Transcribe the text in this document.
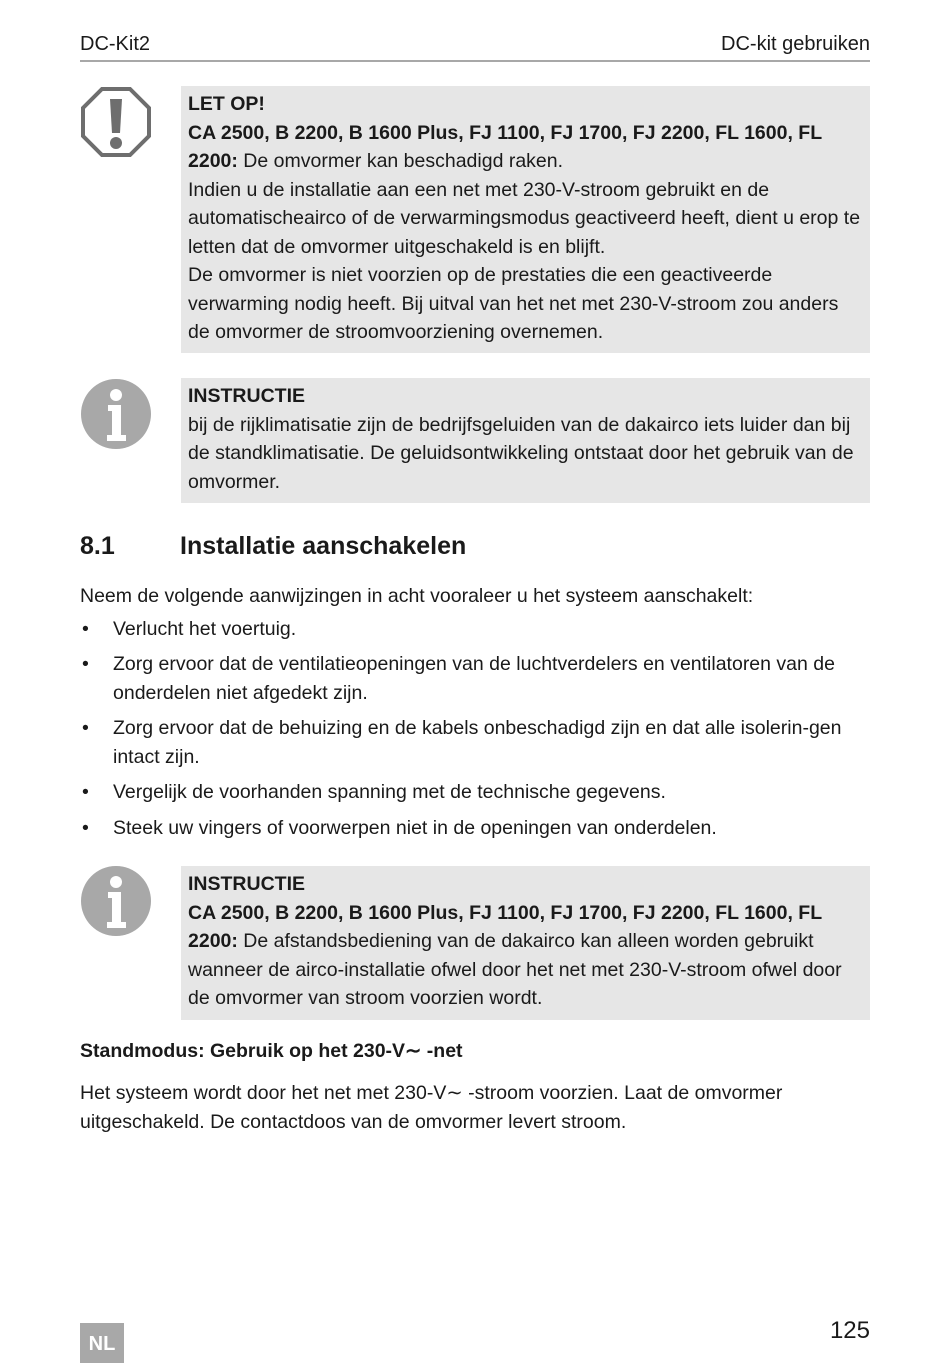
DC-Kit2	DC-kit gebruiken

LET OP!

CA 2500, B 2200, B 1600 Plus, FJ 1100, FJ 1700, FJ 2200, FL 1600, FL 2200: De omvormer kan beschadigd raken.

Indien u de installatie aan een net met 230-V-stroom gebruikt en de automatischeairco of de verwarmingsmodus geactiveerd heeft, dient u erop te letten dat de omvormer uitgeschakeld is en blijft.

De omvormer is niet voorzien op de prestaties die een geactiveerde verwarming nodig heeft. Bij uitval van het net met 230-V-stroom zou anders de omvormer de stroomvoorziening overnemen.

INSTRUCTIE

bij de rijklimatisatie zijn de bedrijfsgeluiden van de dakairco iets luider dan bij de standklimatisatie. De geluidsontwikkeling ontstaat door het gebruik van de omvormer.

8.1	Installatie aanschakelen
Neem de volgende aanwijzingen in acht vooraleer u het systeem aanschakelt:
• Verlucht het voertuig.
• Zorg ervoor dat de ventilatieopeningen van de luchtverdelers en ventilatoren van de onderdelen niet afgedekt zijn.
• Zorg ervoor dat de behuizing en de kabels onbeschadigd zijn en dat alle isolerin-gen intact zijn.
• Vergelijk de voorhanden spanning met de technische gegevens.
• Steek uw vingers of voorwerpen niet in de openingen van onderdelen.

INSTRUCTIE

CA 2500, B 2200, B 1600 Plus, FJ 1100, FJ 1700, FJ 2200, FL 1600, FL 2200: De afstandsbediening van de dakairco kan alleen worden gebruikt wanneer de airco-installatie ofwel door het net met 230-V-stroom ofwel door de omvormer van stroom voorzien wordt.

Standmodus: Gebruik op het 230-V∼ -net
Het systeem wordt door het net met 230-V∼ -stroom voorzien. Laat de omvormer uitgeschakeld. De contactdoos van de omvormer levert stroom.
NL	125
